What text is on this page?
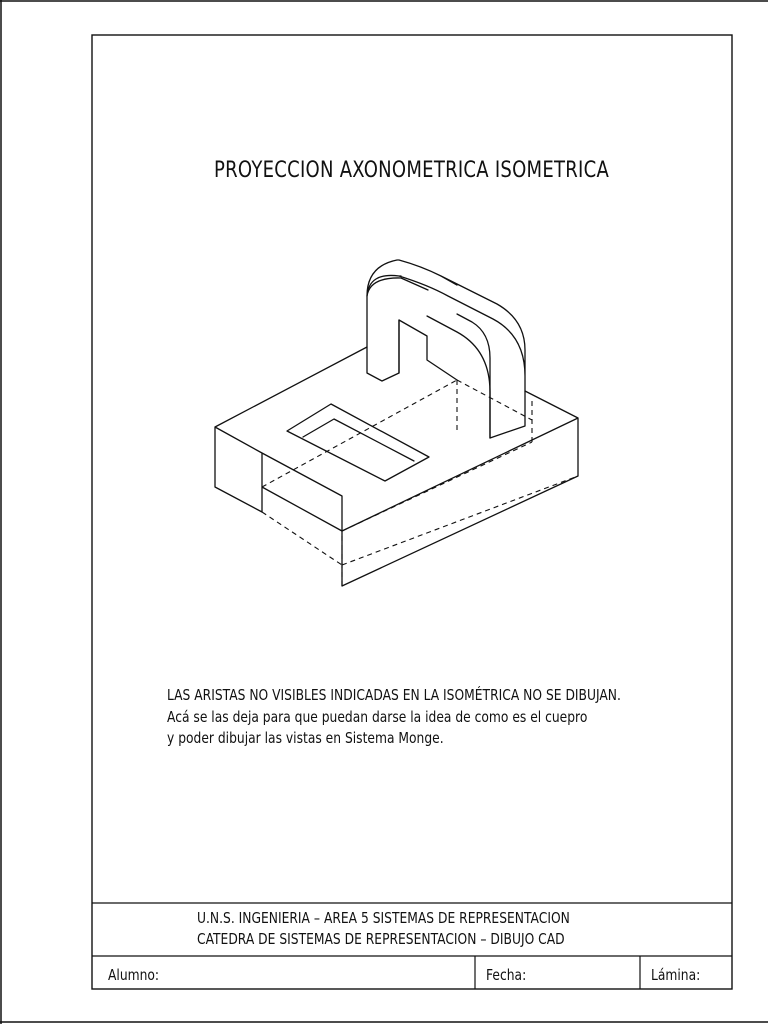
PROYECCION AXONOMETRICA ISOMETRICA
LAS ARISTAS NO VISIBLES INDICADAS EN LA ISOMÉTRICA NO SE DIBUJAN.
Acá se las deja para que puedan darse la idea de como es el cuepro
y poder dibujar las vistas en Sistema Monge.
U.N.S. INGENIERIA – AREA 5 SISTEMAS DE REPRESENTACION
CATEDRA DE SISTEMAS DE REPRESENTACION – DIBUJO CAD
Alumno:	Fecha:	Lámina:
